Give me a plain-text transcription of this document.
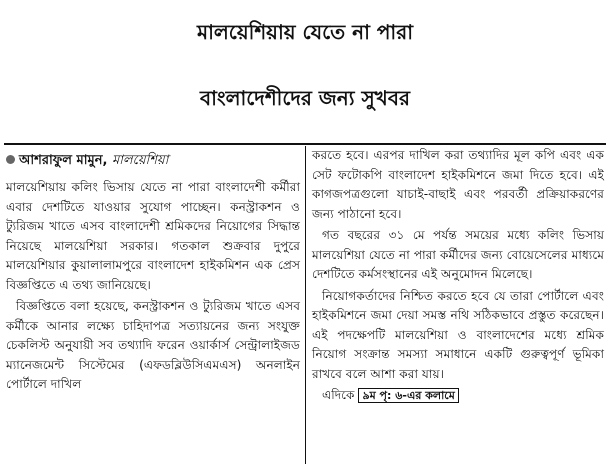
মালয়েশিয়ায় যেতে না পারা
বাংলাদেশীদের জন্য সুখবর
আশরাফুল মামুন, মালয়েশিয়া

মালয়েশিয়ায় কলিং ভিসায় যেতে না পারা বাংলাদেশী কর্মীরা এবার দেশটিতে যাওয়ার সুযোগ পাচ্ছেন। কনস্ট্রাকশন ও ট্যুরিজম খাতে এসব বাংলাদেশী শ্রমিকদের নিয়োগের সিদ্ধান্ত নিয়েছে মালয়েশিয়া সরকার। গতকাল শুক্রবার দুপুরে মালয়েশিয়ার কুয়ালালামপুরে বাংলাদেশ হাইকমিশন এক প্রেস বিজ্ঞপ্তিতে এ তথ্য জানিয়েছে।

বিজ্ঞপ্তিতে বলা হয়েছে, কনস্ট্রাকশন ও ট্যুরিজম খাতে এসব কর্মীকে আনার লক্ষ্যে চাহিদাপত্র সত্যায়নের জন্য সংযুক্ত চেকলিস্ট অনুযায়ী সব তথ্যাদি ফরেন ওয়ার্কার্স সেন্ট্রালাইজড ম্যানেজমেন্ট সিস্টেমের (এফডব্লিউসিএমএস) অনলাইন পোর্টালে দাখিল

করতে হবে। এরপর দাখিল করা তথ্যাদির মূল কপি এবং এক সেট ফটোকপি বাংলাদেশ হাইকমিশনে জমা দিতে হবে। এই কাগজপত্রগুলো যাচাই-বাছাই এবং পরবর্তী প্রক্রিয়াকরণের জন্য পাঠানো হবে।

গত বছরের ৩১ মে পর্যন্ত সময়ের মধ্যে কলিং ভিসায় মালয়েশিয়া যেতে না পারা কর্মীদের জন্য বোয়েসেলের মাধ্যমে দেশটিতে কর্মসংস্থানের এই অনুমোদন মিলেছে।

নিয়োগকর্তাদের নিশ্চিত করতে হবে যে তারা পোর্টালে এবং হাইকমিশনে জমা দেয়া সমস্ত নথি সঠিকভাবে প্রস্তুত করেছেন। এই পদক্ষেপটি মালয়েশিয়া ও বাংলাদেশের মধ্যে শ্রমিক নিয়োগ সংক্রান্ত সমস্যা সমাধানে একটি গুরুত্বপূর্ণ ভূমিকা রাখবে বলে আশা করা যায়।

এদিকে ৯ম পৃ: ৬-এর কলামে
